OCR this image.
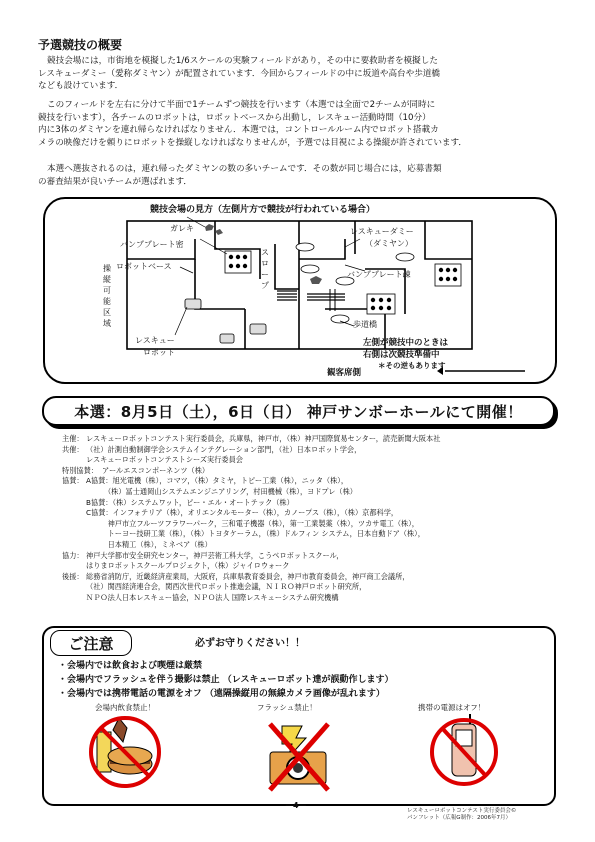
予選競技の概要
競技会場には，市街地を模擬した1/6スケールの実験フィールドがあり，その中に要救助者を模擬した
レスキューダミー（愛称ダミヤン）が配置されています．今回からフィールドの中に坂道や高台や歩道橋
なども設けています．
このフィールドを左右に分けて半面で1チームずつ競技を行います（本選では全面で2チームが同時に
競技を行います），各チームのロボットは，ロボットベースから出動し，レスキュー活動時間（10分）
内に3体のダミヤンを連れ帰らなければなりません．本選では，コントロールルーム内でロボット搭載カ
メラの映像だけを頼りにロボットを操縦しなければなりませんが，予選では目視による操縦が許されています．
本選へ選抜されるのは，連れ帰ったダミヤンの数の多いチームです．その数が同じ場合には，応募書類
の審査結果が良いチームが選ばれます．
ガレキ
バンププレート密
ロボットベース
操
縦
可
能
区
域
ス
ロ
ー
プ
レスキューダミー
（ダミヤン）
バンププレート疎
歩道橋
レスキュー
ロボット
左側が競技中のときは
右側は次競技準備中
＊その逆もあります
観客席側
競技会場の見方（左側片方で競技が行われている場合）
本選：8月5日（土），6日（日） 神戸サンボーホールにて開催！
主催： レスキューロボットコンテスト実行委員会，兵庫県，神戸市，（株）神戸国際貿易センター，読売新聞大阪本社
共催： （社）計測自動制御学会システムインテグレーション部門，（社）日本ロボット学会，
レスキューロボットコンテストシーズ実行委員会
特別協賛： アールエスコンポーネンツ（株）
協賛： A協賛：旭光電機（株），コマツ，（株）タミヤ，トピー工業（株），ニッタ（株），
　　　（株）冨士通岡山システムエンジニアリング，村田機械（株），ヨドプレ（株）
B協賛：（株）システムワット，ピー・エル・オートテック（株）
C協賛：インフォテリア（株），オリエンタルモーター（株），カノープス（株），（株）京都科学，
　　　神戸市立フルーツフラワーパーク，三和電子機器（株），第一工業製薬（株），ツカサ電工（株），
　　　トーヨー技研工業（株），（株）トヨタケーラム，（株）ドルフィン システム，日本自動ドア（株），
　　　日本精工（株），ミネベア（株）
協力： 神戸大学都市安全研究センター，神戸芸術工科大学，こうべロボットスクール，
はりまロボットスクールプロジェクト，（株）ジャイロウォーク
後援： 総務省消防庁，近畿経済産業局，大阪府，兵庫県教育委員会，神戸市教育委員会，神戸商工会議所，
（社）関西経済連合会，関西次世代ロボット推進会議，ＮＩＲＯ神戸ロボット研究所，
ＮＰＯ法人日本レスキュー協会，ＮＰＯ法人 国際レスキューシステム研究機構
ご注意	必ずお守りください！！
・会場内では飲食および喫煙は厳禁
・会場内でフラッシュを伴う撮影は禁止 （レスキューロボット達が誤動作します）
・会場内では携帯電話の電源をオフ （遠隔操縦用の無線カメラ画像が乱れます）
会場内飲食禁止！	フラッシュ禁止！	携帯の電源はオフ！
－4－
レスキューロボットコンテスト実行委員会©
パンフレット（広報G制作：2006年7月）
